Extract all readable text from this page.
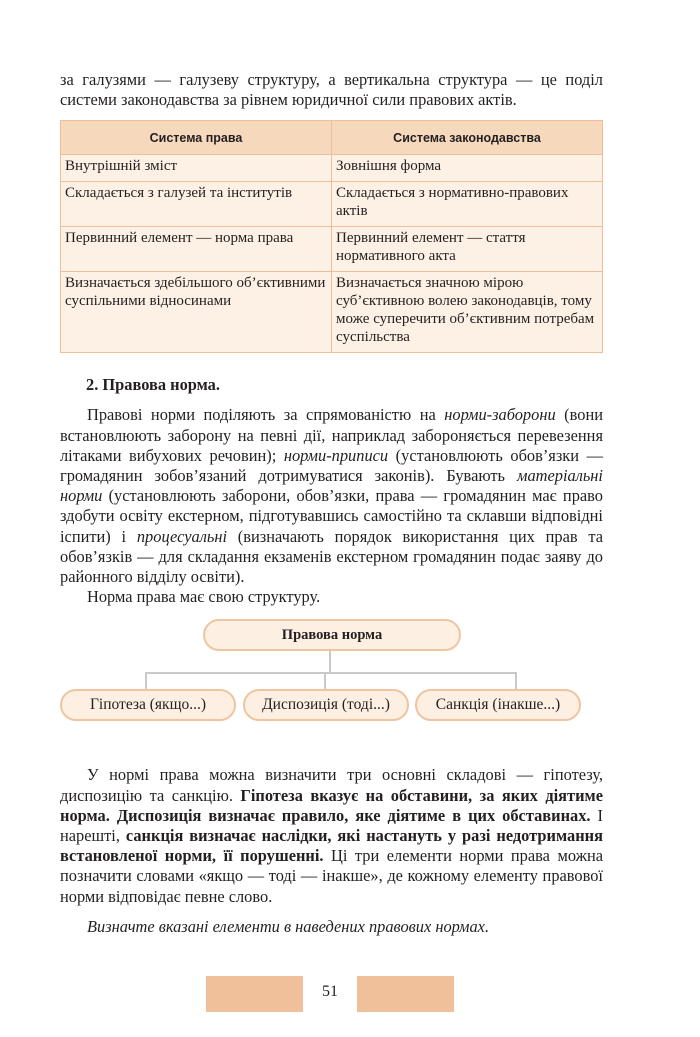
за галузями — галузеву структуру, а вертикальна структура — це поділ системи законодавства за рівнем юридичної сили правових актів.

Система права	Система законодавства
Внутрішній зміст	Зовнішня форма
Складається з галузей та інститутів	Складається з нормативно-правових актів
Первинний елемент — норма права	Первинний елемент — стаття нормативного акта
Визначається здебільшого об’єктивними суспільними відносинами	Визначається значною мірою суб’єктивною волею законодавців, тому може суперечити об’єктивним потребам суспільства
2. Правова норма.

Правові норми поділяють за спрямованістю на норми-заборони (вони встановлюють заборону на певні дії, наприклад забороняється перевезення літаками вибухових речовин); норми-приписи (установлюють обов’язки — громадянин зобов’язаний дотримуватися законів). Бувають матеріальні норми (установлюють заборони, обов’язки, права — громадянин має право здобути освіту екстерном, підготувавшись самостійно та склавши відповідні іспити) і процесуальні (визначають порядок використання цих прав та обов’язків — для складання екзаменів екстерном громадянин подає заяву до районного відділу освіти).

Норма права має свою структуру.

Правова норма
Гіпотеза (якщо...)	Диспозиція (тоді...)	Санкція (інакше...)

У нормі права можна визначити три основні складові — гіпотезу, диспозицію та санкцію. Гіпотеза вказує на обставини, за яких діятиме норма. Диспозиція визначає правило, яке діятиме в цих обставинах. І нарешті, санкція визначає наслідки, які настануть у разі недотримання встановленої норми, її порушенні. Ці три елементи норми права можна позначити словами «якщо — тоді — інакше», де кожному елементу правової норми відповідає певне слово.

Визначте вказані елементи в наведених правових нормах.

51
